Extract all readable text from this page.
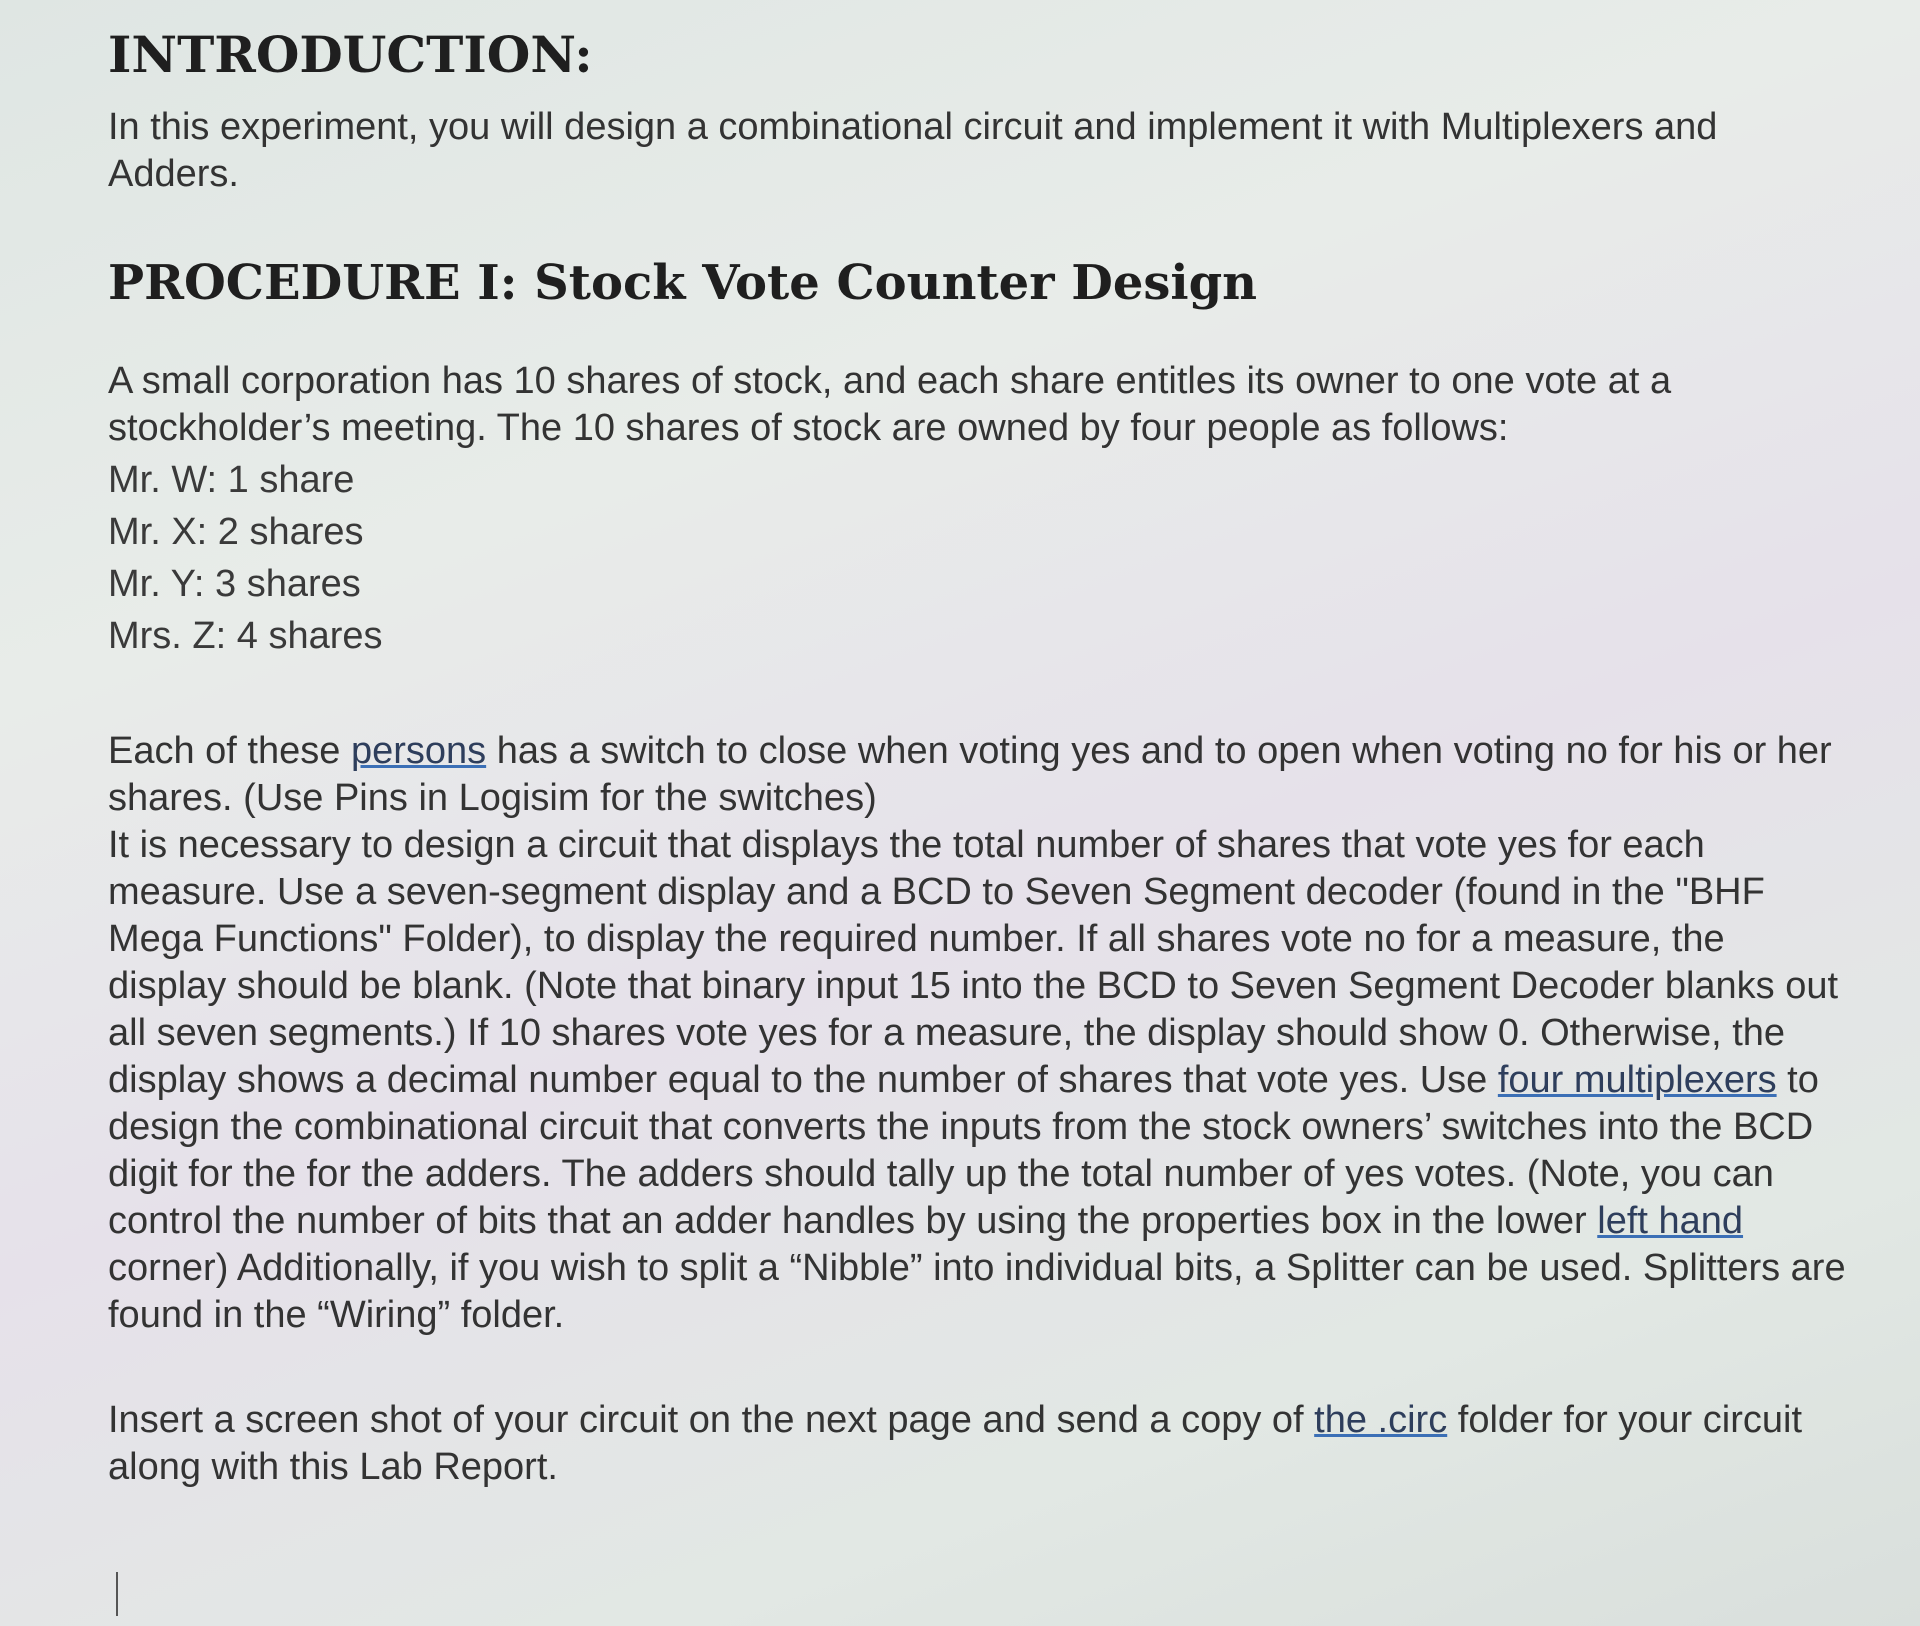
INTRODUCTION:

In this experiment, you will design a combinational circuit and implement it with Multiplexers and Adders.

PROCEDURE I: Stock Vote Counter Design

A small corporation has 10 shares of stock, and each share entitles its owner to one vote at a stockholder’s meeting. The 10 shares of stock are owned by four people as follows:

Mr. W: 1 share
Mr. X: 2 shares
Mr. Y: 3 shares
Mrs. Z: 4 shares

Each of these persons has a switch to close when voting yes and to open when voting no for his or her shares. (Use Pins in Logisim for the switches)

It is necessary to design a circuit that displays the total number of shares that vote yes for each measure. Use a seven-segment display and a BCD to Seven Segment decoder (found in the "BHF Mega Functions" Folder), to display the required number. If all shares vote no for a measure, the display should be blank. (Note that binary input 15 into the BCD to Seven Segment Decoder blanks out all seven segments.) If 10 shares vote yes for a measure, the display should show 0. Otherwise, the display shows a decimal number equal to the number of shares that vote yes. Use four multiplexers to design the combinational circuit that converts the inputs from the stock owners’ switches into the BCD digit for the for the adders. The adders should tally up the total number of yes votes. (Note, you can control the number of bits that an adder handles by using the properties box in the lower left hand corner) Additionally, if you wish to split a “Nibble” into individual bits, a Splitter can be used. Splitters are found in the “Wiring” folder.

Insert a screen shot of your circuit on the next page and send a copy of the .circ folder for your circuit along with this Lab Report.
